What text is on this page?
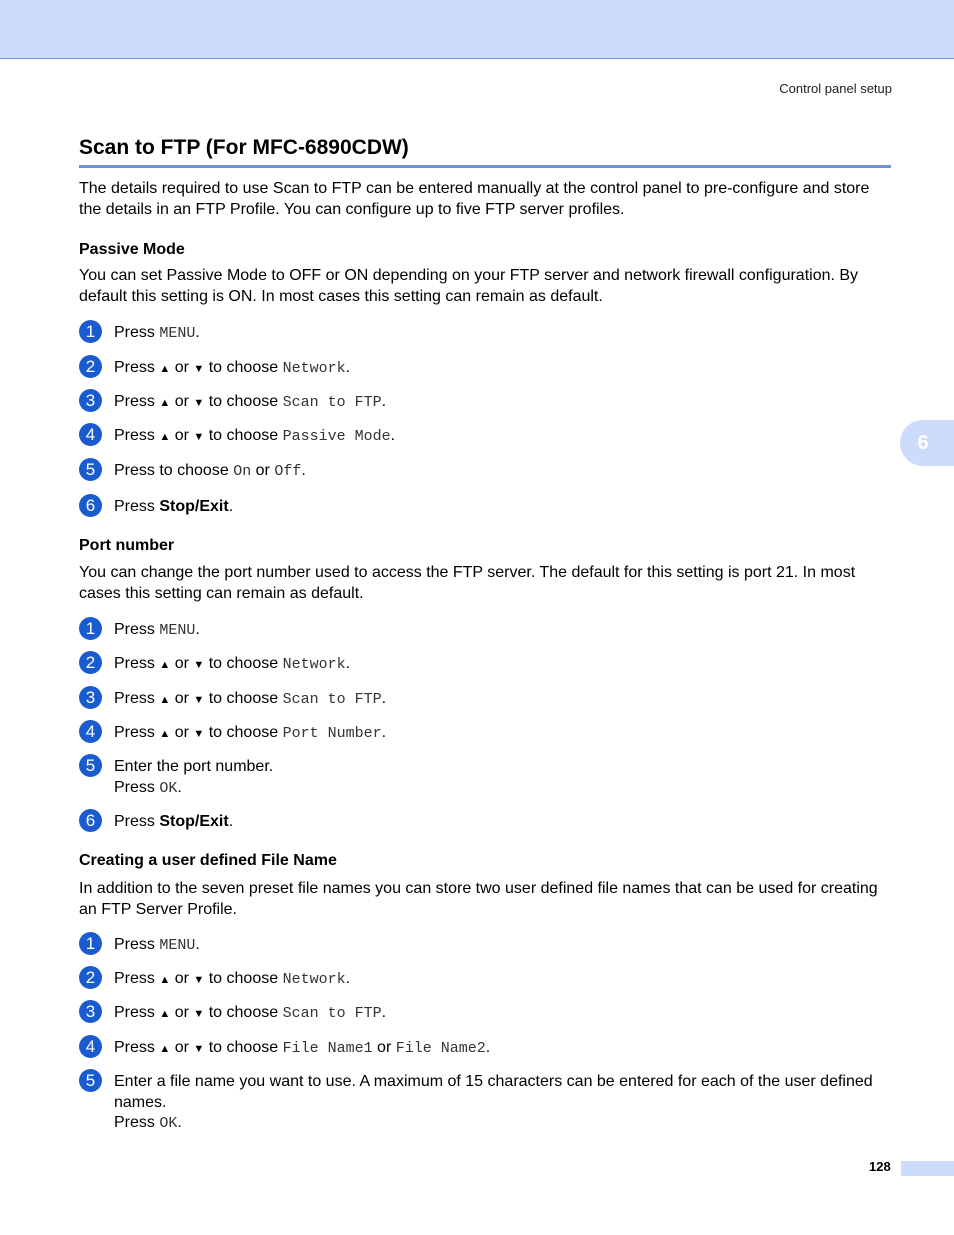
Control panel setup
6
Scan to FTP (For MFC-6890CDW)

The details required to use Scan to FTP can be entered manually at the control panel to pre-configure and store the details in an FTP Profile. You can configure up to five FTP server profiles.

Passive Mode

You can set Passive Mode to OFF or ON depending on your FTP server and network firewall configuration. By default this setting is ON. In most cases this setting can remain as default.

1	Press MENU.
2	Press ▲ or ▼ to choose Network.
3	Press ▲ or ▼ to choose Scan to FTP.
4	Press ▲ or ▼ to choose Passive Mode.
5	Press to choose On or Off.
6	Press Stop/Exit.
Port number

You can change the port number used to access the FTP server. The default for this setting is port 21. In most cases this setting can remain as default.

1	Press MENU.
2	Press ▲ or ▼ to choose Network.
3	Press ▲ or ▼ to choose Scan to FTP.
4	Press ▲ or ▼ to choose Port Number.
5	Enter the port number.
Press OK.
6	Press Stop/Exit.
Creating a user defined File Name

In addition to the seven preset file names you can store two user defined file names that can be used for creating an FTP Server Profile.

1	Press MENU.
2	Press ▲ or ▼ to choose Network.
3	Press ▲ or ▼ to choose Scan to FTP.
4	Press ▲ or ▼ to choose File Name1 or File Name2.
5	Enter a file name you want to use. A maximum of 15 characters can be entered for each of the user defined names.
Press OK.
128
